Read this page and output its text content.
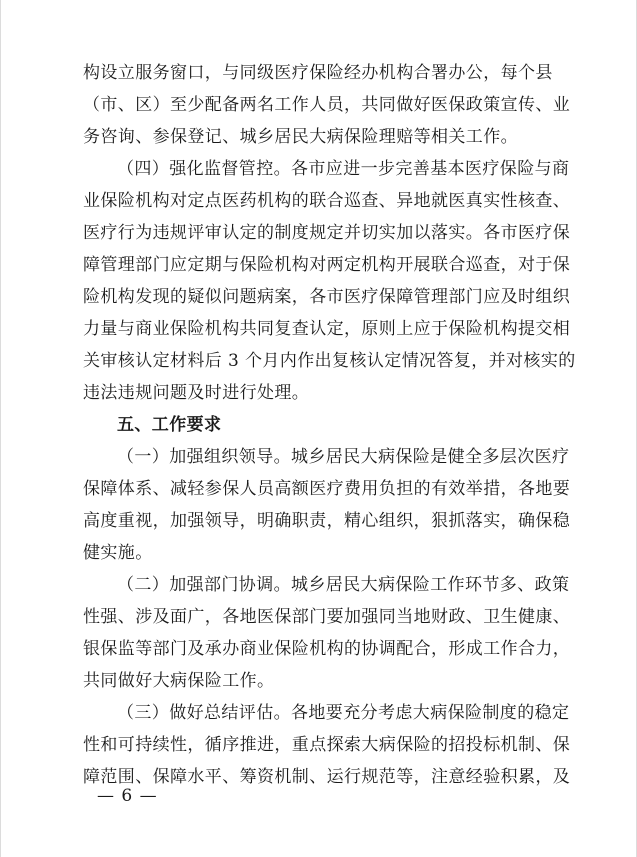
构设立服务窗口，与同级医疗保险经办机构合署办公，每个县
（市、区）至少配备两名工作人员，共同做好医保政策宣传、业
务咨询、参保登记、城乡居民大病保险理赔等相关工作。
（四）强化监督管控。各市应进一步完善基本医疗保险与商
业保险机构对定点医药机构的联合巡查、异地就医真实性核查、
医疗行为违规评审认定的制度规定并切实加以落实。各市医疗保
障管理部门应定期与保险机构对两定机构开展联合巡查，对于保
险机构发现的疑似问题病案，各市医疗保障管理部门应及时组织
力量与商业保险机构共同复查认定，原则上应于保险机构提交相
关审核认定材料后 3 个月内作出复核认定情况答复，并对核实的
违法违规问题及时进行处理。
五、工作要求
（一）加强组织领导。城乡居民大病保险是健全多层次医疗
保障体系、减轻参保人员高额医疗费用负担的有效举措，各地要
高度重视，加强领导，明确职责，精心组织，狠抓落实，确保稳
健实施。
（二）加强部门协调。城乡居民大病保险工作环节多、政策
性强、涉及面广，各地医保部门要加强同当地财政、卫生健康、
银保监等部门及承办商业保险机构的协调配合，形成工作合力，
共同做好大病保险工作。
（三）做好总结评估。各地要充分考虑大病保险制度的稳定
性和可持续性，循序推进，重点探索大病保险的招投标机制、保
障范围、保障水平、筹资机制、运行规范等，注意经验积累，及
— 6 —
